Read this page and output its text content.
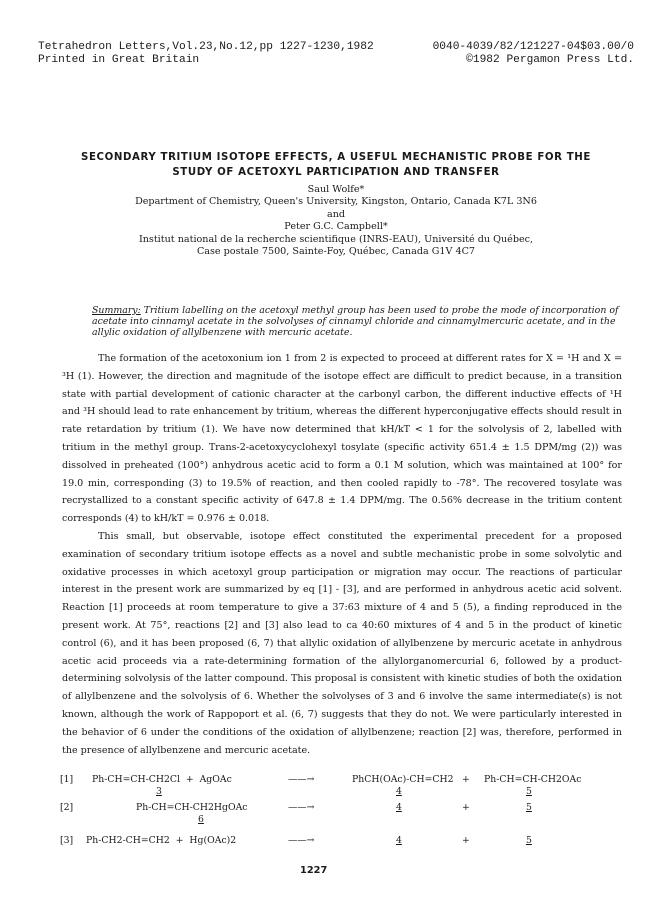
Tetrahedron Letters,Vol.23,No.12,pp 1227-1230,1982	0040-4039/82/121227-04$03.00/0
Printed in Great Britain	©1982 Pergamon Press Ltd.
SECONDARY TRITIUM ISOTOPE EFFECTS, A USEFUL MECHANISTIC PROBE FOR THE
STUDY OF ACETOXYL PARTICIPATION AND TRANSFER
Saul Wolfe*
Department of Chemistry, Queen's University, Kingston, Ontario, Canada K7L 3N6
and
Peter G.C. Campbell*
Institut national de la recherche scientifique (INRS-EAU), Université du Québec,
Case postale 7500, Sainte-Foy, Québec, Canada G1V 4C7
Summary: Tritium labelling on the acetoxyl methyl group has been used to probe the mode of incorporation of acetate into cinnamyl acetate in the solvolyses of cinnamyl chloride and cinnamylmercuric acetate, and in the allylic oxidation of allylbenzene with mercuric acetate.

The formation of the acetoxonium ion 1 from 2 is expected to proceed at different rates for X = ¹H and X = ³H (1). However, the direction and magnitude of the isotope effect are difficult to predict because, in a transition state with partial development of cationic character at the carbonyl carbon, the different inductive effects of ¹H and ³H should lead to rate enhancement by tritium, whereas the different hyperconjugative effects should result in rate retardation by tritium (1). We have now determined that kH/kT < 1 for the solvolysis of 2, labelled with tritium in the methyl group. Trans-2-acetoxycyclohexyl tosylate (specific activity 651.4 ± 1.5 DPM/mg (2)) was dissolved in preheated (100°) anhydrous acetic acid to form a 0.1 M solution, which was maintained at 100° for 19.0 min, corresponding (3) to 19.5% of reaction, and then cooled rapidly to -78°. The recovered tosylate was recrystallized to a constant specific activity of 647.8 ± 1.4 DPM/mg. The 0.56% decrease in the tritium content corresponds (4) to kH/kT = 0.976 ± 0.018.

This small, but observable, isotope effect constituted the experimental precedent for a proposed examination of secondary tritium isotope effects as a novel and subtle mechanistic probe in some solvolytic and oxidative processes in which acetoxyl group participation or migration may occur. The reactions of particular interest in the present work are summarized by eq [1] - [3], and are performed in anhydrous acetic acid solvent. Reaction [1] proceeds at room temperature to give a 37:63 mixture of 4 and 5 (5), a finding reproduced in the present work. At 75°, reactions [2] and [3] also lead to ca 40:60 mixtures of 4 and 5 in the product of kinetic control (6), and it has been proposed (6, 7) that allylic oxidation of allylbenzene by mercuric acetate in anhydrous acetic acid proceeds via a rate-determining formation of the allylorganomercurial 6, followed by a product-determining solvolysis of the latter compound. This proposal is consistent with kinetic studies of both the oxidation of allylbenzene and the solvolysis of 6. Whether the solvolyses of 3 and 6 involve the same intermediate(s) is not known, although the work of Rappoport et al. (6, 7) suggests that they do not. We were particularly interested in the behavior of 6 under the conditions of the oxidation of allylbenzene; reaction [2] was, therefore, performed in the presence of allylbenzene and mercuric acetate.

[1] Ph-CH=CH-CH2Cl  +  AgOAc
3
——→	PhCH(OAc)-CH=CH2
4
+ Ph-CH=CH-CH2OAc
5
[2]	Ph-CH=CH-CH2HgOAc
6
——→	4	+	5
[3] Ph-CH2-CH=CH2  +  Hg(OAc)2	——→	4	+	5
1227
